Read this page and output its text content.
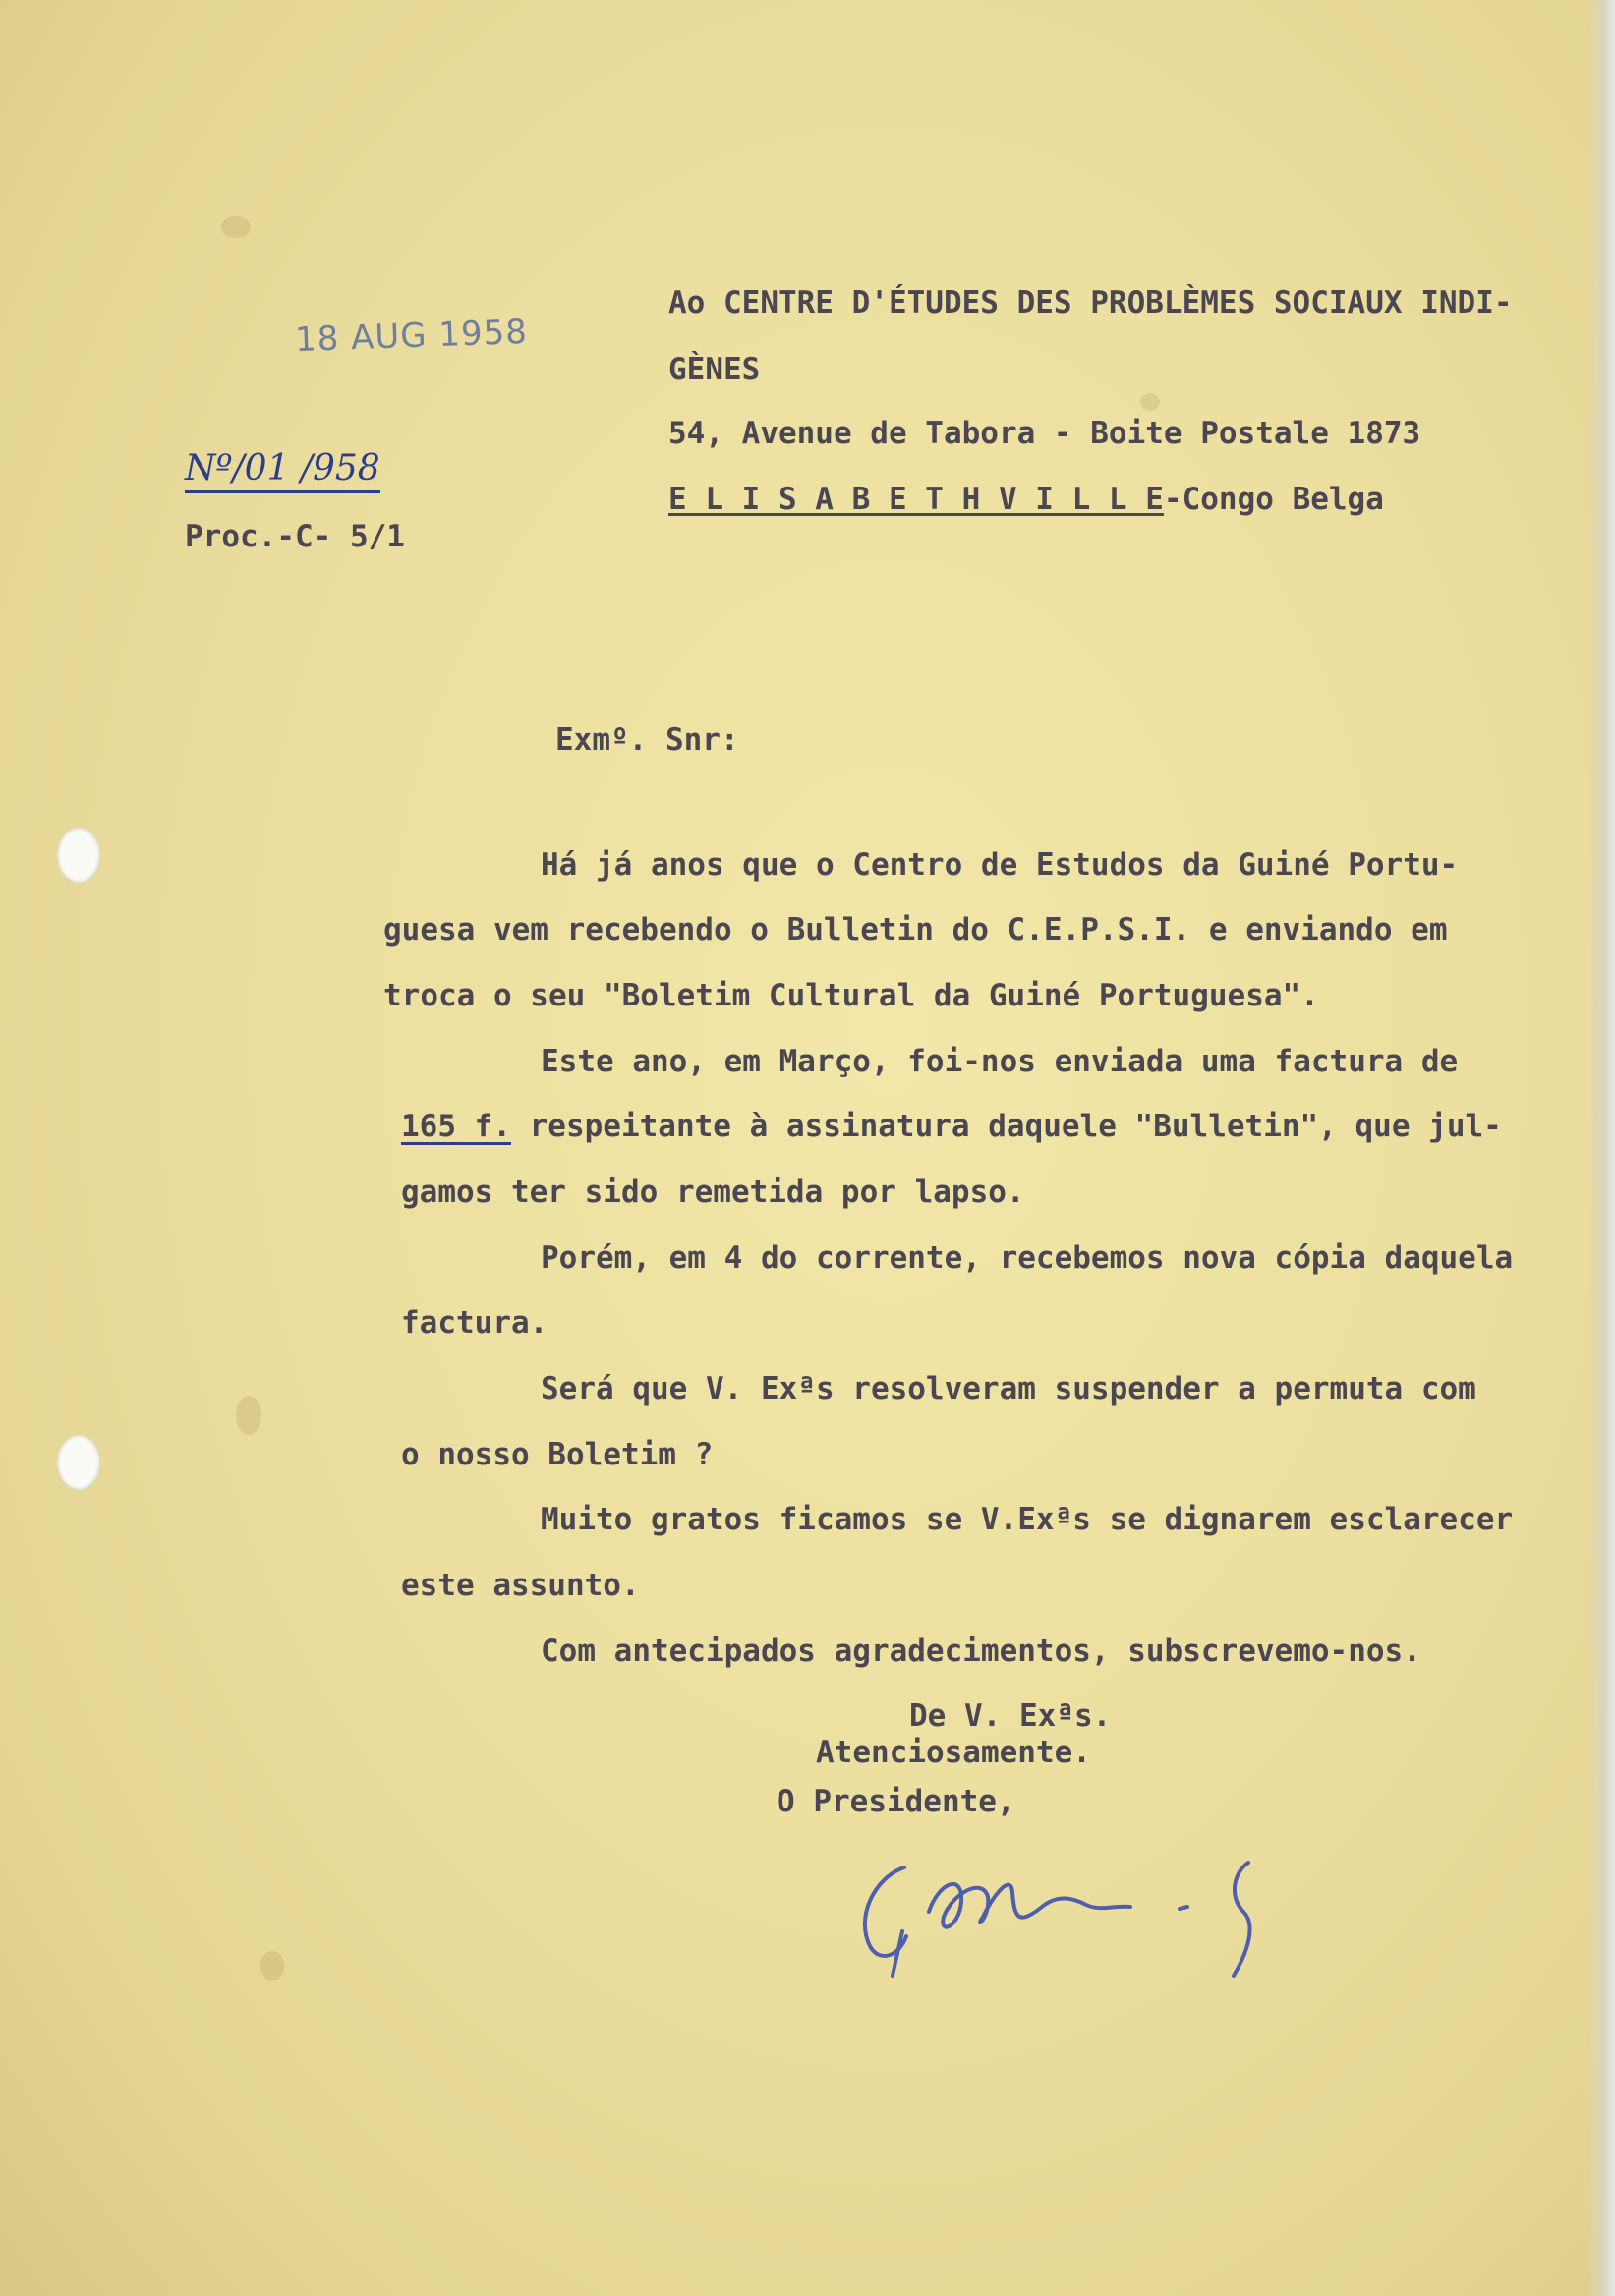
18 AUG 1958
Nº/01 /958
Proc.-C- 5/1
Ao CENTRE D'ÉTUDES DES PROBLÈMES SOCIAUX INDI-
GÈNES
54, Avenue de Tabora - Boite Postale 1873
E L I S A B E T H V I L L E-Congo Belga
Exmº. Snr:
Há já anos que o Centro de Estudos da Guiné Portu-
guesa vem recebendo o Bulletin do C.E.P.S.I. e enviando em
troca o seu "Boletim Cultural da Guiné Portuguesa".
Este ano, em Março, foi-nos enviada uma factura de
165 f. respeitante à assinatura daquele "Bulletin", que jul-
gamos ter sido remetida por lapso.
Porém, em 4 do corrente, recebemos nova cópia daquela
factura.
Será que V. Exªs resolveram suspender a permuta com
o nosso Boletim ?
Muito gratos ficamos se V.Exªs se dignarem esclarecer
este assunto.
Com antecipados agradecimentos, subscrevemo-nos.
De V. Exªs.
Atenciosamente.
O Presidente,
